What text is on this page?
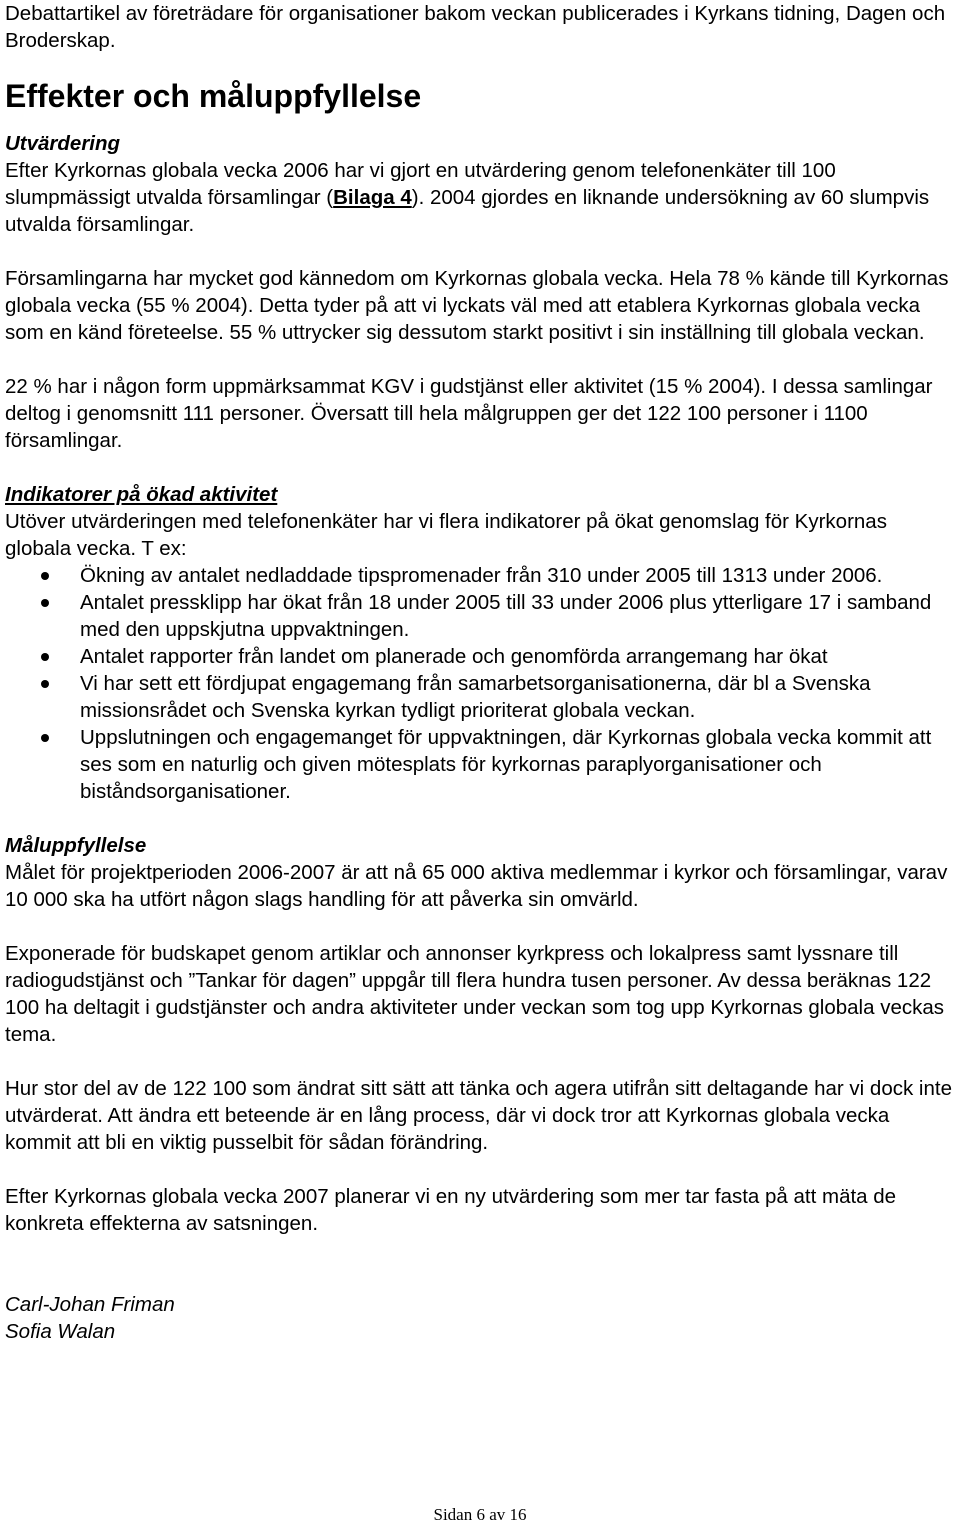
Debattartikel av företrädare för organisationer bakom veckan publicerades i Kyrkans tidning, Dagen och Broderskap.

Effekter och måluppfyllelse

Utvärdering

Efter Kyrkornas globala vecka 2006 har vi gjort en utvärdering genom telefonenkäter till 100 slumpmässigt utvalda församlingar (Bilaga 4). 2004 gjordes en liknande undersökning av 60 slumpvis utvalda församlingar.

Församlingarna har mycket god kännedom om Kyrkornas globala vecka. Hela 78 % kände till Kyrkornas globala vecka (55 % 2004). Detta tyder på att vi lyckats väl med att etablera Kyrkornas globala vecka som en känd företeelse. 55 % uttrycker sig dessutom starkt positivt i sin inställning till globala veckan.

22 % har i någon form uppmärksammat KGV i gudstjänst eller aktivitet (15 % 2004). I dessa samlingar deltog i genomsnitt 111 personer. Översatt till hela målgruppen ger det 122 100 personer i 1100 församlingar.

Indikatorer på ökad aktivitet

Utöver utvärderingen med telefonenkäter har vi flera indikatorer på ökat genomslag för Kyrkornas globala vecka. T ex:

Ökning av antalet nedladdade tipspromenader från 310 under 2005 till 1313 under 2006.
Antalet pressklipp har ökat från 18 under 2005 till 33 under 2006 plus ytterligare 17 i samband med den uppskjutna uppvaktningen.
Antalet rapporter från landet om planerade och genomförda arrangemang har ökat
Vi har sett ett fördjupat engagemang från samarbetsorganisationerna, där bl a Svenska missionsrådet och Svenska kyrkan tydligt prioriterat globala veckan.
Uppslutningen och engagemanget för uppvaktningen, där Kyrkornas globala vecka kommit att ses som en naturlig och given mötesplats för kyrkornas paraplyorganisationer och biståndsorganisationer.

Måluppfyllelse

Målet för projektperioden 2006-2007 är att nå 65 000 aktiva medlemmar i kyrkor och församlingar, varav 10 000 ska ha utfört någon slags handling för att påverka sin omvärld.

Exponerade för budskapet genom artiklar och annonser kyrkpress och lokalpress samt lyssnare till radiogudstjänst och ”Tankar för dagen” uppgår till flera hundra tusen personer. Av dessa beräknas 122 100 ha deltagit i gudstjänster och andra aktiviteter under veckan som tog upp Kyrkornas globala veckas tema.

Hur stor del av de 122 100 som ändrat sitt sätt att tänka och agera utifrån sitt deltagande har vi dock inte utvärderat. Att ändra ett beteende är en lång process, där vi dock tror att Kyrkornas globala vecka kommit att bli en viktig pusselbit för sådan förändring.

Efter Kyrkornas globala vecka 2007 planerar vi en ny utvärdering som mer tar fasta på att mäta de konkreta effekterna av satsningen.

Carl-Johan Friman

Sofia Walan

Sidan 6 av 16
